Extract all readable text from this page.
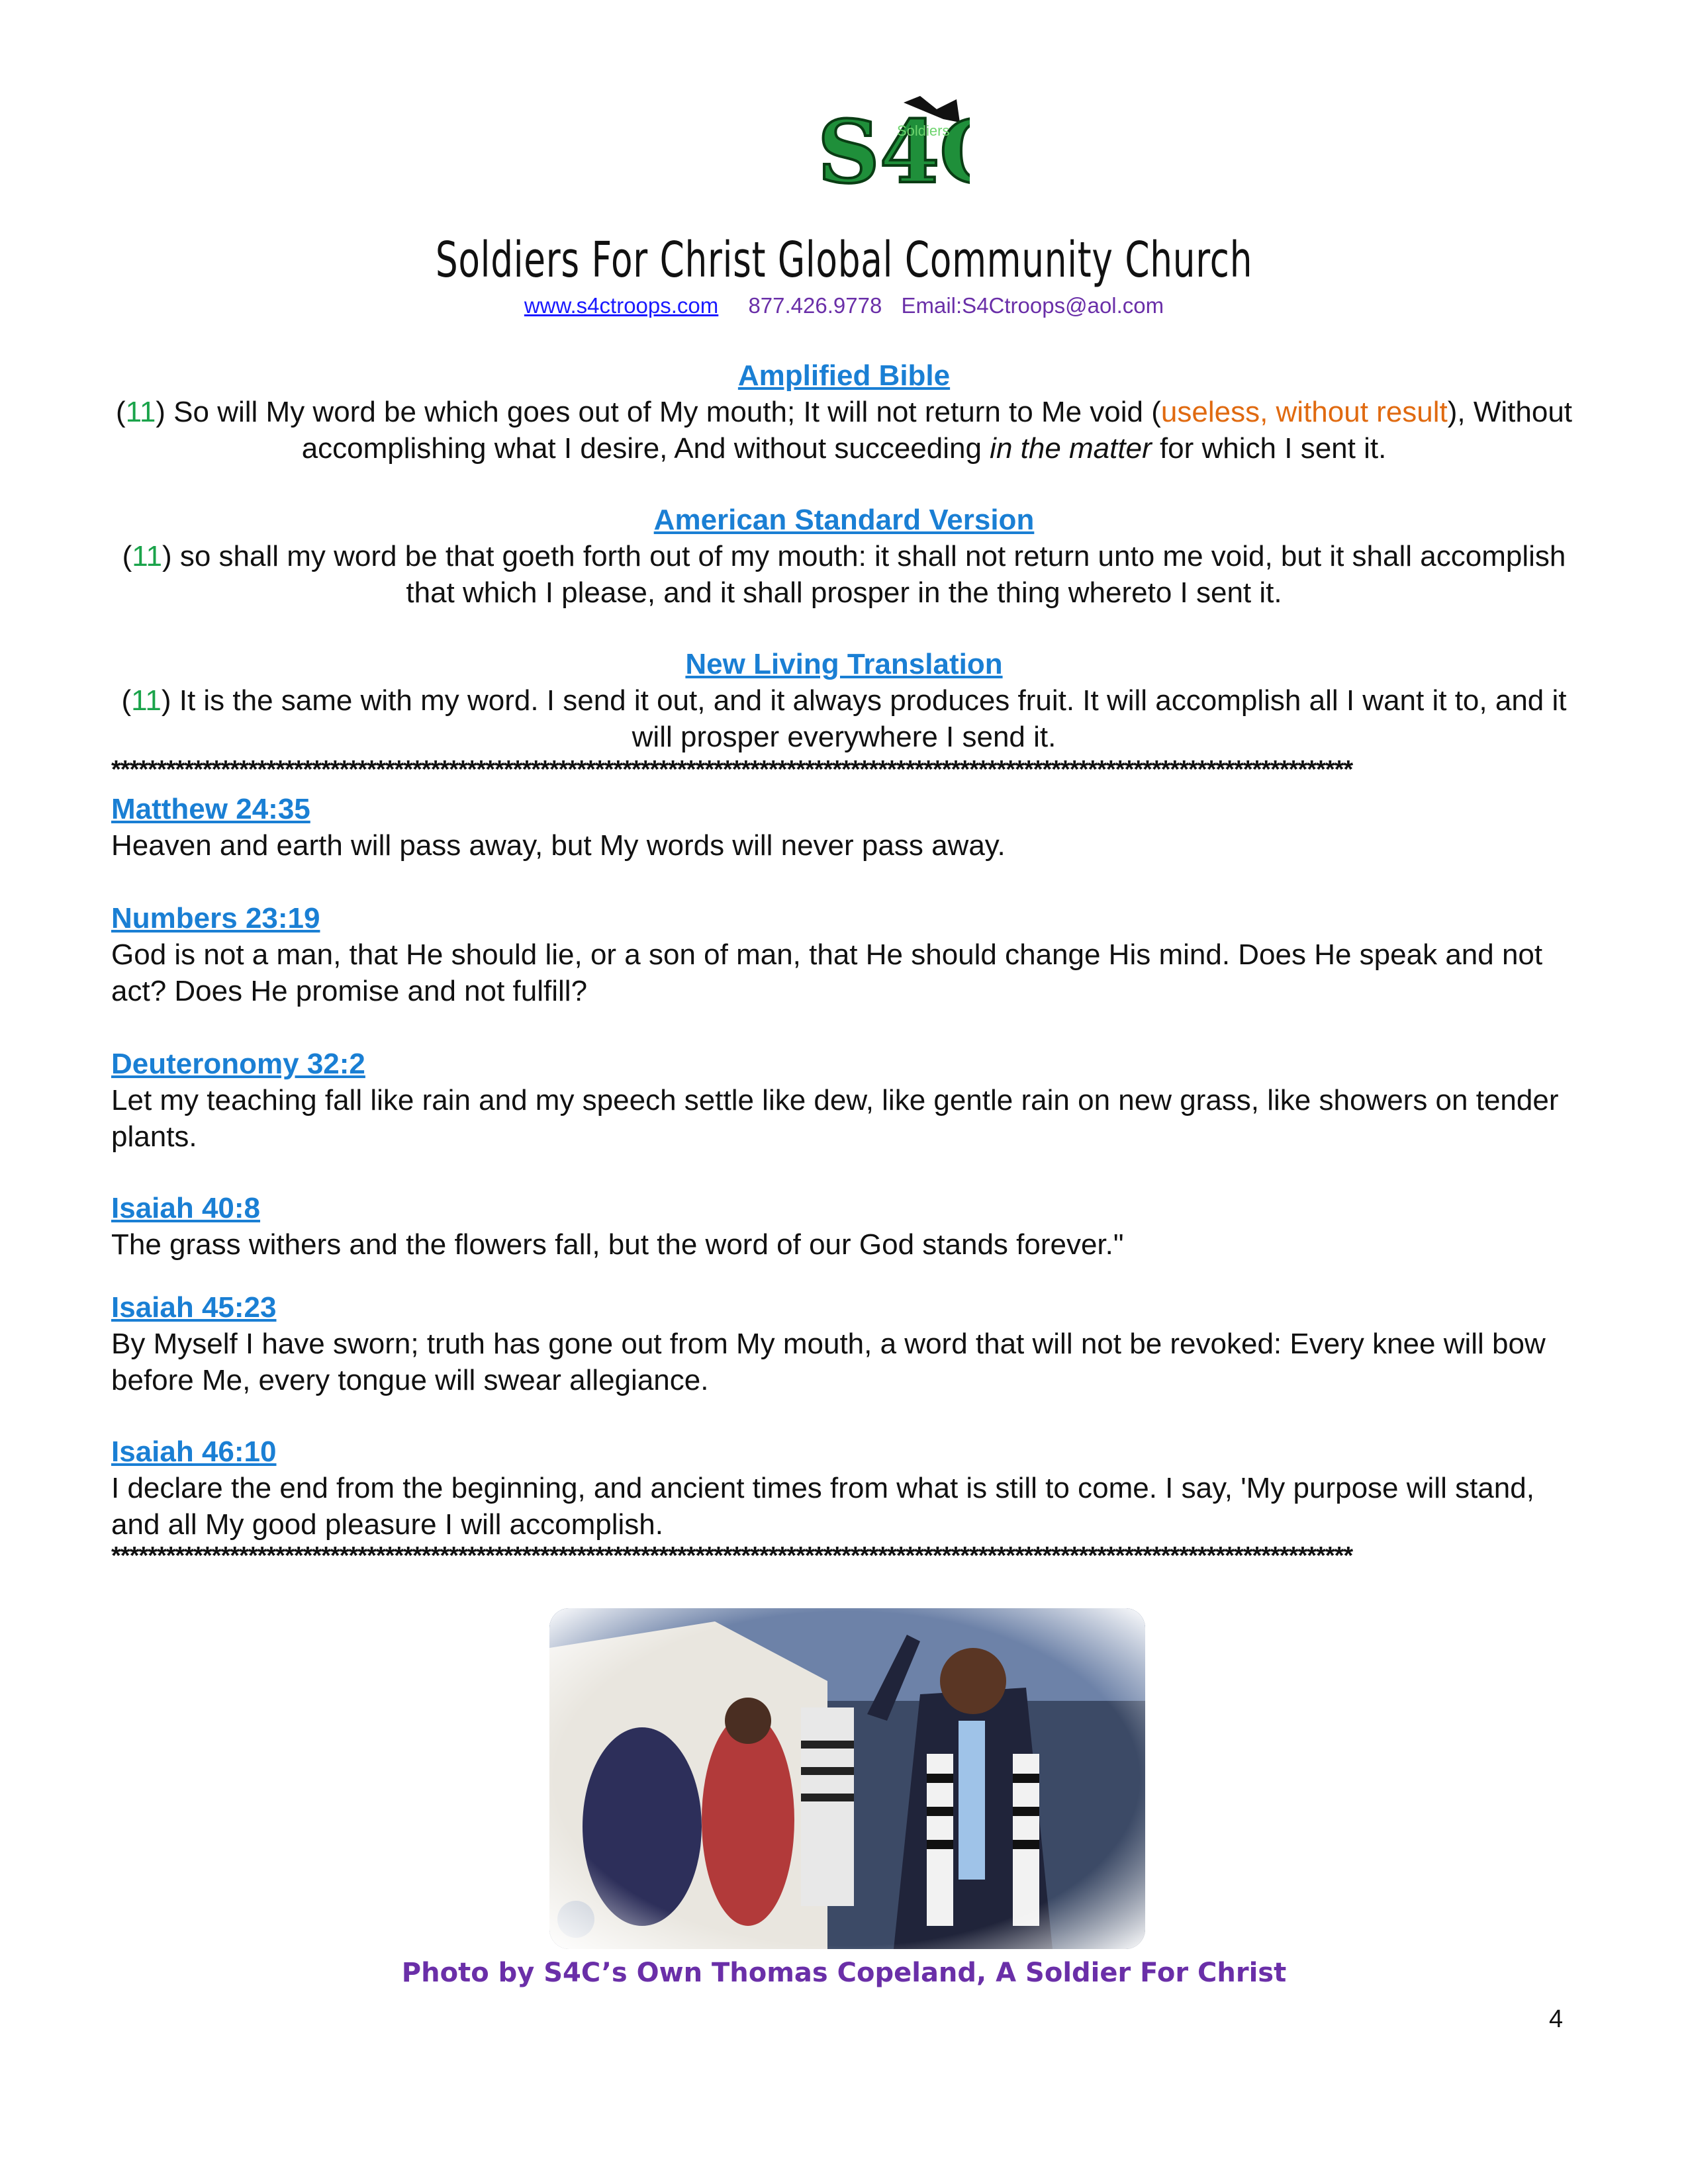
S4
Soldiers
Soldiers For Christ Global Community Church
www.s4ctroops.com 877.426.9778 Email:S4Ctroops@aol.com
Amplified Bible
(11) So will My word be which goes out of My mouth; It will not return to Me void (useless, without result), Without accomplishing what I desire, And without succeeding in the matter for which I sent it.
American Standard Version
(11) so shall my word be that goeth forth out of my mouth: it shall not return unto me void, but it shall accomplish that which I please, and it shall prosper in the thing whereto I sent it.
New Living Translation
(11) It is the same with my word. I send it out, and it always produces fruit. It will accomplish all I want it to, and it will prosper everywhere I send it.
****************************************************************************************************************************************
Matthew 24:35
Heaven and earth will pass away, but My words will never pass away.
Numbers 23:19
God is not a man, that He should lie, or a son of man, that He should change His mind. Does He speak and not act? Does He promise and not fulfill?
Deuteronomy 32:2
Let my teaching fall like rain and my speech settle like dew, like gentle rain on new grass, like showers on tender plants.
Isaiah 40:8
The grass withers and the flowers fall, but the word of our God stands forever."
Isaiah 45:23
By Myself I have sworn; truth has gone out from My mouth, a word that will not be revoked: Every knee will bow before Me, every tongue will swear allegiance.
Isaiah 46:10
I declare the end from the beginning, and ancient times from what is still to come. I say, 'My purpose will stand, and all My good pleasure I will accomplish.
****************************************************************************************************************************************
Photo by S4C’s Own Thomas Copeland, A Soldier For Christ
4
